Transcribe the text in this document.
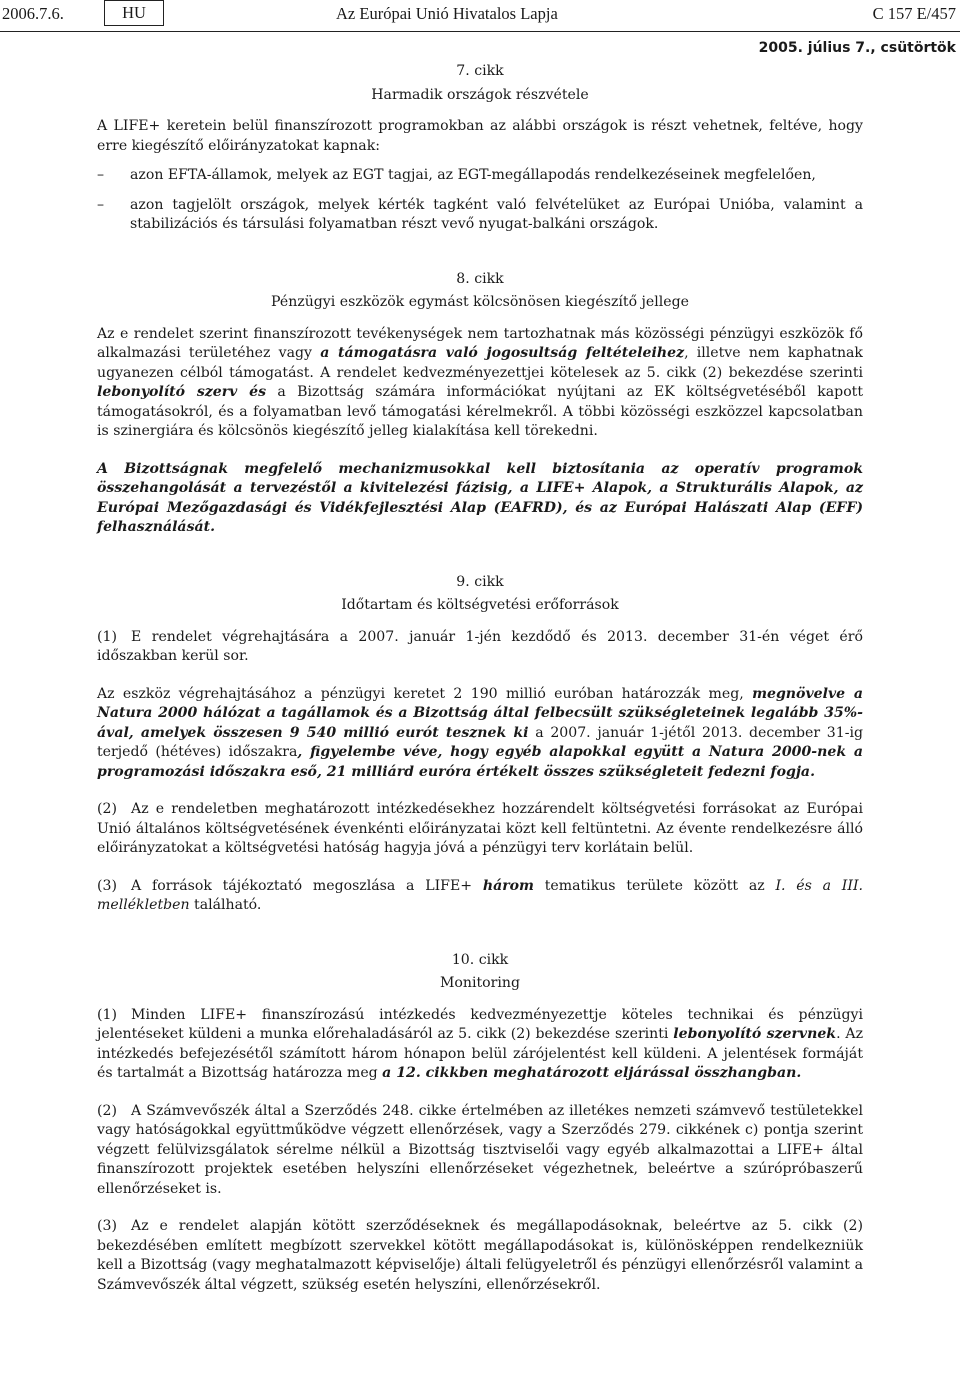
2006.7.6.	HU	Az Európai Unió Hivatalos Lapja	C 157 E/457
2005. július 7., csütörtök

7. cikk

Harmadik országok részvétele

A LIFE+ keretein belül finanszírozott programokban az alábbi országok is részt vehetnek, feltéve, hogy erre kiegészítő előirányzatokat kapnak:

– azon EFTA-államok, melyek az EGT tagjai, az EGT-megállapodás rendelkezéseinek megfelelően,

– azon tagjelölt országok, melyek kérték tagként való felvételüket az Európai Unióba, valamint a stabilizációs és társulási folyamatban részt vevő nyugat-balkáni országok.

8. cikk

Pénzügyi eszközök egymást kölcsönösen kiegészítő jellege

Az e rendelet szerint finanszírozott tevékenységek nem tartozhatnak más közösségi pénzügyi eszközök fő alkalmazási területéhez vagy a támogatásra való jogosultság feltételeihez, illetve nem kaphatnak ugyanezen célból támogatást. A rendelet kedvezményezettjei kötelesek az 5. cikk (2) bekezdése szerinti lebonyolító szerv és a Bizottság számára információkat nyújtani az EK költségvetéséből kapott támogatásokról, és a folyamatban levő támogatási kérelmekről. A többi közösségi eszközzel kapcsolatban is szinergiára és kölcsönös kiegészítő jelleg kialakítása kell törekedni.

A Bizottságnak megfelelő mechanizmusokkal kell biztosítania az operatív programok összehangolását a tervezéstől a kivitelezési fázisig, a LIFE+ Alapok, a Strukturális Alapok, az Európai Mezőgazdasági és Vidékfejlesztési Alap (EAFRD), és az Európai Halászati Alap (EFF) felhasználását.

9. cikk

Időtartam és költségvetési erőforrások

(1) E rendelet végrehajtására a 2007. január 1-jén kezdődő és 2013. december 31-én véget érő időszakban kerül sor.

Az eszköz végrehajtásához a pénzügyi keretet 2 190 millió euróban határozzák meg, megnövelve a Natura 2000 hálózat a tagállamok és a Bizottság által felbecsült szükségleteinek legalább 35%-ával, amelyek összesen 9 540 millió eurót tesznek ki a 2007. január 1-jétől 2013. december 31-ig terjedő (hétéves) időszakra, figyelembe véve, hogy egyéb alapokkal együtt a Natura 2000-nek a programozási időszakra eső, 21 milliárd euróra értékelt összes szükségleteit fedezni fogja.

(2) Az e rendeletben meghatározott intézkedésekhez hozzárendelt költségvetési forrásokat az Európai Unió általános költségvetésének évenkénti előirányzatai közt kell feltüntetni. Az évente rendelkezésre álló előirányzatokat a költségvetési hatóság hagyja jóvá a pénzügyi terv korlátain belül.

(3) A források tájékoztató megoszlása a LIFE+ három tematikus területe között az I. és a III. mellékletben található.

10. cikk

Monitoring

(1) Minden LIFE+ finanszírozású intézkedés kedvezményezettje köteles technikai és pénzügyi jelentéseket küldeni a munka előrehaladásáról az 5. cikk (2) bekezdése szerinti lebonyolító szervnek. Az intézkedés befejezésétől számított három hónapon belül zárójelentést kell küldeni. A jelentések formáját és tartalmát a Bizottság határozza meg a 12. cikkben meghatározott eljárással összhangban.

(2) A Számvevőszék által a Szerződés 248. cikke értelmében az illetékes nemzeti számvevő testületekkel vagy hatóságokkal együttműködve végzett ellenőrzések, vagy a Szerződés 279. cikkének c) pontja szerint végzett felülvizsgálatok sérelme nélkül a Bizottság tisztviselői vagy egyéb alkalmazottai a LIFE+ által finanszírozott projektek esetében helyszíni ellenőrzéseket végezhetnek, beleértve a szúrópróbaszerű ellenőrzéseket is.

(3) Az e rendelet alapján kötött szerződéseknek és megállapodásoknak, beleértve az 5. cikk (2) bekezdésében említett megbízott szervekkel kötött megállapodásokat is, különösképpen rendelkezniük kell a Bizottság (vagy meghatalmazott képviselője) általi felügyeletről és pénzügyi ellenőrzésről valamint a Számvevőszék által végzett, szükség esetén helyszíni, ellenőrzésekről.
